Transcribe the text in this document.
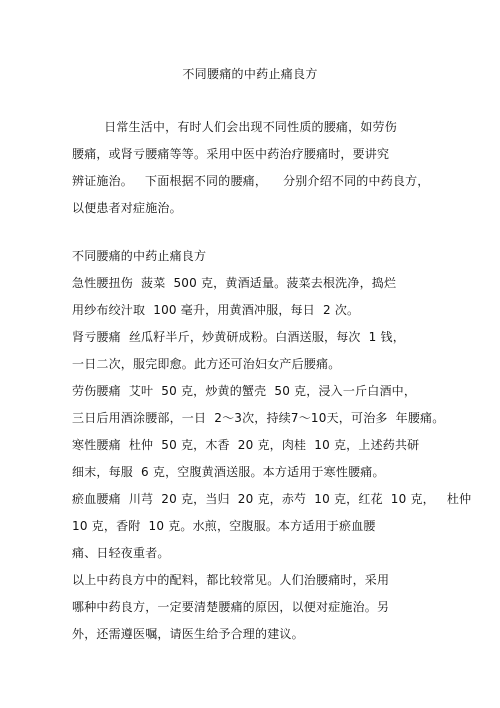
不同腰痛的中药止痛良方
日常生活中，有时人们会出现不同性质的腰痛，如劳伤
腰痛，或肾亏腰痛等等。采用中医中药治疗腰痛时，要讲究
辨证施治。   下面根据不同的腰痛，    分别介绍不同的中药良方，
以便患者对症施治。
不同腰痛的中药止痛良方
急性腰扭伤  菠菜  500 克，黄酒适量。菠菜去根洗净，捣烂
用纱布绞汁取  100 毫升，用黄酒冲服，每日  2 次。
肾亏腰痛  丝瓜籽半斤，炒黄研成粉。白酒送服，每次  1 钱，
一日二次，服完即愈。此方还可治妇女产后腰痛。
劳伤腰痛  艾叶  50 克，炒黄的蟹壳  50 克，浸入一斤白酒中，
三日后用酒涂腰部，一日  2～3次，持续7～10天，可治多  年腰痛。
寒性腰痛  杜仲  50 克，木香  20 克，肉桂  10 克，上述药共研
细末，每服  6 克，空腹黄酒送服。本方适用于寒性腰痛。
瘀血腰痛  川芎  20 克，当归  20 克，赤芍  10 克，红花  10 克，   杜仲
10 克，香附  10 克。水煎，空腹服。本方适用于瘀血腰
痛、日轻夜重者。
以上中药良方中的配料，都比较常见。人们治腰痛时，采用
哪种中药良方，一定要清楚腰痛的原因，以便对症施治。另
外，还需遵医嘱，请医生给予合理的建议。
